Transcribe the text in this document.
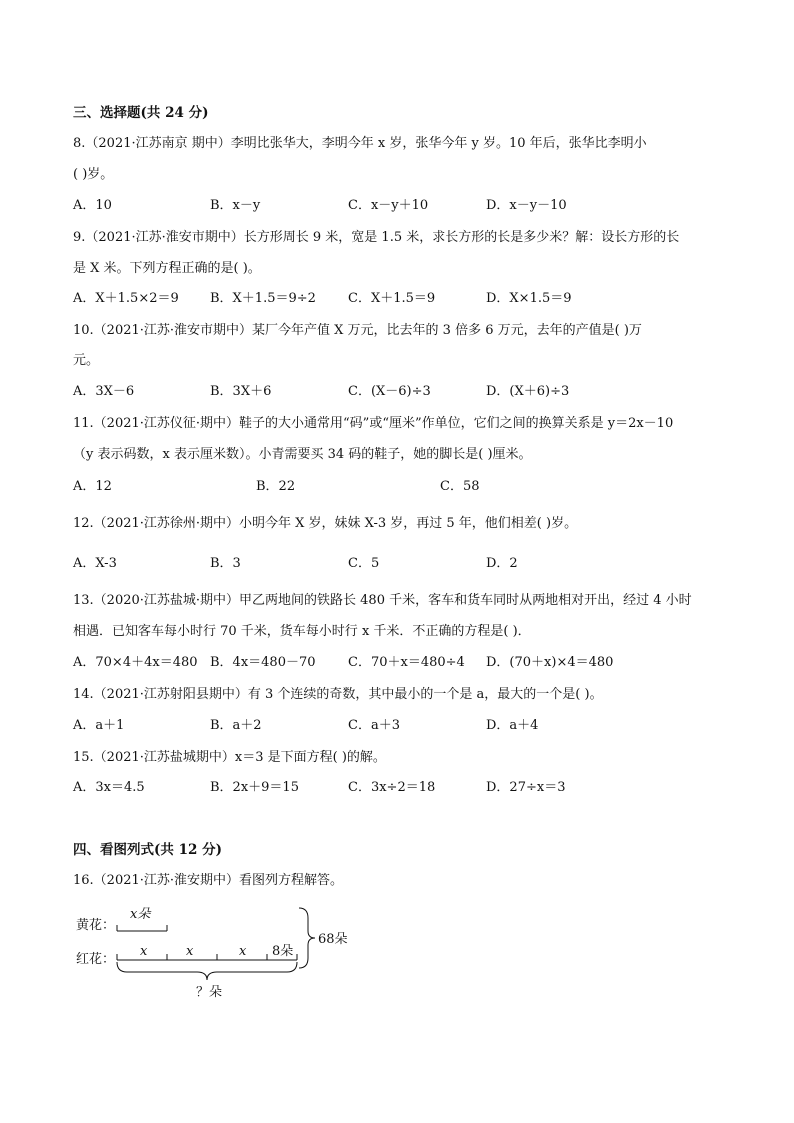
三、选择题(共 24 分)
8.（2021·江苏南京 期中）李明比张华大，李明今年 x 岁，张华今年 y 岁。10 年后，张华比李明小
( )岁。
A．10	B．x－y	C．x－y＋10	D．x－y－10
9.（2021·江苏·淮安市期中）长方形周长 9 米，宽是 1.5 米，求长方形的长是多少米？解：设长方形的长
是 X 米。下列方程正确的是( )。
A．X＋1.5×2＝9 B．X＋1.5＝9÷2 C．X＋1.5＝9	D．X×1.5＝9
10.（2021·江苏·淮安市期中）某厂今年产值 X 万元，比去年的 3 倍多 6 万元，去年的产值是( )万
元。
A．3X－6	B．3X＋6	C．(X－6)÷3	D．(X＋6)÷3
11.（2021·江苏仪征·期中）鞋子的大小通常用“码”或“厘米”作单位，它们之间的换算关系是 y＝2x－10
（y 表示码数，x 表示厘米数）。小青需要买 34 码的鞋子，她的脚长是( )厘米。
A．12	B．22	C．58
12.（2021·江苏徐州·期中）小明今年 X 岁，妹妹 X-3 岁，再过 5 年，他们相差( )岁。
A．X-3	B．3	C．5	D．2
13.（2020·江苏盐城·期中）甲乙两地间的铁路长 480 千米，客车和货车同时从两地相对开出，经过 4 小时
相遇．已知客车每小时行 70 千米，货车每小时行 x 千米．不正确的方程是( )．
A．70×4＋4x＝480 B．4x＝480－70 C．70＋x＝480÷4 D．(70＋x)×4＝480
14.（2021·江苏射阳县期中）有 3 个连续的奇数，其中最小的一个是 a，最大的一个是( )。
A．a＋1	B．a＋2	C．a＋3	D．a＋4
15.（2021·江苏盐城期中）x＝3 是下面方程( )的解。
A．3x＝4.5	B．2x＋9＝15	C．3x÷2＝18	D．27÷x＝3
四、看图列式(共 12 分)
16.（2021·江苏·淮安期中）看图列方程解答。
黄花：
红花：
x朵
x	x	x 8朵
？朵
68朵
